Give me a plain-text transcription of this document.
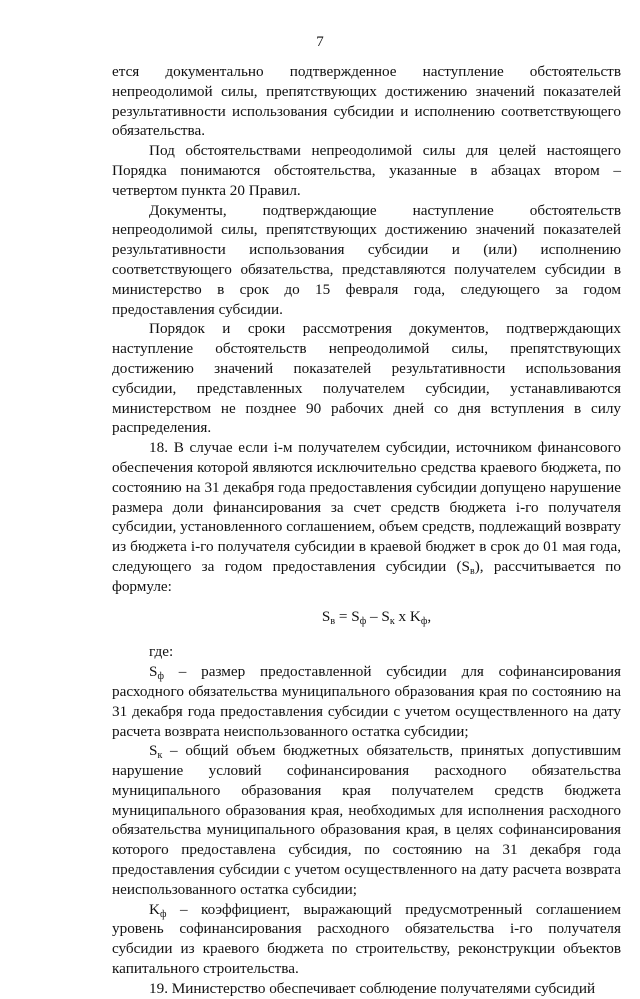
7

ется документально подтвержденное наступление обстоятельств непреодолимой силы, препятствующих достижению значений показателей результативности использования субсидии и исполнению соответствующего обязательства.

Под обстоятельствами непреодолимой силы для целей настоящего Порядка понимаются обстоятельства, указанные в абзацах втором – четвертом пункта 20 Правил.

Документы, подтверждающие наступление обстоятельств непреодолимой силы, препятствующих достижению значений показателей результативности использования субсидии и (или) исполнению соответствующего обязательства, представляются получателем субсидии в министерство в срок до 15 февраля года, следующего за годом предоставления субсидии.

Порядок и сроки рассмотрения документов, подтверждающих наступление обстоятельств непреодолимой силы, препятствующих достижению значений показателей результативности использования субсидии, представленных получателем субсидии, устанавливаются министерством не позднее 90 рабочих дней со дня вступления в силу распределения.

18. В случае если i-м получателем субсидии, источником финансового обеспечения которой являются исключительно средства краевого бюджета, по состоянию на 31 декабря года предоставления субсидии допущено нарушение размера доли финансирования за счет средств бюджета i-го получателя субсидии, установленного соглашением, объем средств, подлежащий возврату из бюджета i-го получателя субсидии в краевой бюджет в срок до 01 мая года, следующего за годом предоставления субсидии $(S_в)$, рассчитывается по формуле:

$S_в = S_ф - S_к$ х $K_ф$,

где:

$S_ф$ – размер предоставленной субсидии для софинансирования расходного обязательства муниципального образования края по состоянию на 31 декабря года предоставления субсидии с учетом осуществленного на дату расчета возврата неиспользованного остатка субсидии;

$S_к$ – общий объем бюджетных обязательств, принятых допустившим нарушение условий софинансирования расходного обязательства муниципального образования края получателем средств бюджета муниципального образования края, необходимых для исполнения расходного обязательства муниципального образования края, в целях софинансирования которого предоставлена субсидия, по состоянию на 31 декабря года предоставления субсидии с учетом осуществленного на дату расчета возврата неиспользованного остатка субсидии;

$K_ф$ – коэффициент, выражающий предусмотренный соглашением уровень софинансирования расходного обязательства i-го получателя субсидии из краевого бюджета по строительству, реконструкции объектов капитального строительства.

19. Министерство обеспечивает соблюдение получателями субсидий
